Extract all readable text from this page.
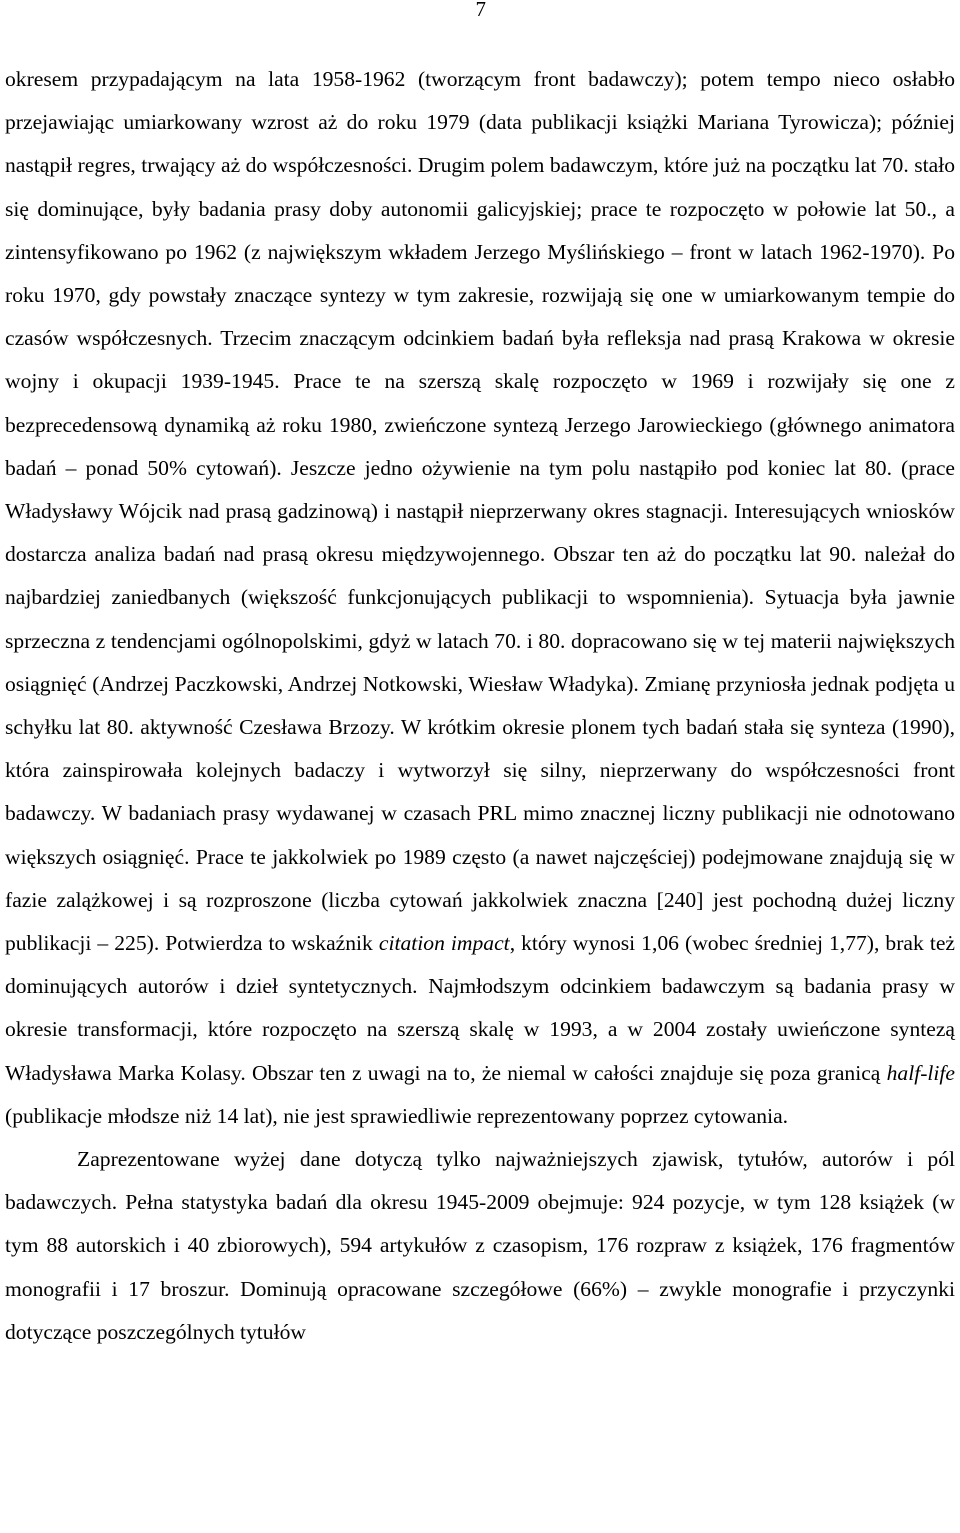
7

okresem przypadającym na lata 1958-1962 (tworzącym front badawczy); potem tempo nieco osłabło przejawiając umiarkowany wzrost aż do roku 1979 (data publikacji książki Mariana Tyrowicza); później nastąpił regres, trwający aż do współczesności. Drugim polem badawczym, które już na początku lat 70. stało się dominujące, były badania prasy doby autonomii galicyjskiej; prace te rozpoczęto w połowie lat 50., a zintensyfikowano po 1962 (z największym wkładem Jerzego Myślińskiego – front w latach 1962-1970). Po roku 1970, gdy powstały znaczące syntezy w tym zakresie, rozwijają się one w umiarkowanym tempie do czasów współczesnych. Trzecim znaczącym odcinkiem badań była refleksja nad prasą Krakowa w okresie wojny i okupacji 1939-1945. Prace te na szerszą skalę rozpoczęto w 1969 i rozwijały się one z bezprecedensową dynamiką aż roku 1980, zwieńczone syntezą Jerzego Jarowieckiego (głównego animatora badań – ponad 50% cytowań). Jeszcze jedno ożywienie na tym polu nastąpiło pod koniec lat 80. (prace Władysławy Wójcik nad prasą gadzinową) i nastąpił nieprzerwany okres stagnacji. Interesujących wniosków dostarcza analiza badań nad prasą okresu międzywojennego. Obszar ten aż do początku lat 90. należał do najbardziej zaniedbanych (większość funkcjonujących publikacji to wspomnienia). Sytuacja była jawnie sprzeczna z tendencjami ogólnopolskimi, gdyż w latach 70. i 80. dopracowano się w tej materii największych osiągnięć (Andrzej Paczkowski, Andrzej Notkowski, Wiesław Władyka). Zmianę przyniosła jednak podjęta u schyłku lat 80. aktywność Czesława Brzozy. W krótkim okresie plonem tych badań stała się synteza (1990), która zainspirowała kolejnych badaczy i wytworzył się silny, nieprzerwany do współczesności front badawczy. W badaniach prasy wydawanej w czasach PRL mimo znacznej liczny publikacji nie odnotowano większych osiągnięć. Prace te jakkolwiek po 1989 często (a nawet najczęściej) podejmowane znajdują się w fazie zalążkowej i są rozproszone (liczba cytowań jakkolwiek znaczna [240] jest pochodną dużej liczny publikacji – 225). Potwierdza to wskaźnik citation impact, który wynosi 1,06 (wobec średniej 1,77), brak też dominujących autorów i dzieł syntetycznych. Najmłodszym odcinkiem badawczym są badania prasy w okresie transformacji, które rozpoczęto na szerszą skalę w 1993, a w 2004 zostały uwieńczone syntezą Władysława Marka Kolasy. Obszar ten z uwagi na to, że niemal w całości znajduje się poza granicą half-life (publikacje młodsze niż 14 lat), nie jest sprawiedliwie reprezentowany poprzez cytowania.

Zaprezentowane wyżej dane dotyczą tylko najważniejszych zjawisk, tytułów, autorów i pól badawczych. Pełna statystyka badań dla okresu 1945-2009 obejmuje: 924 pozycje, w tym 128 książek (w tym 88 autorskich i 40 zbiorowych), 594 artykułów z czasopism, 176 rozpraw z książek, 176 fragmentów monografii i 17 broszur. Dominują opracowane szczegółowe (66%) – zwykle monografie i przyczynki dotyczące poszczególnych tytułów
